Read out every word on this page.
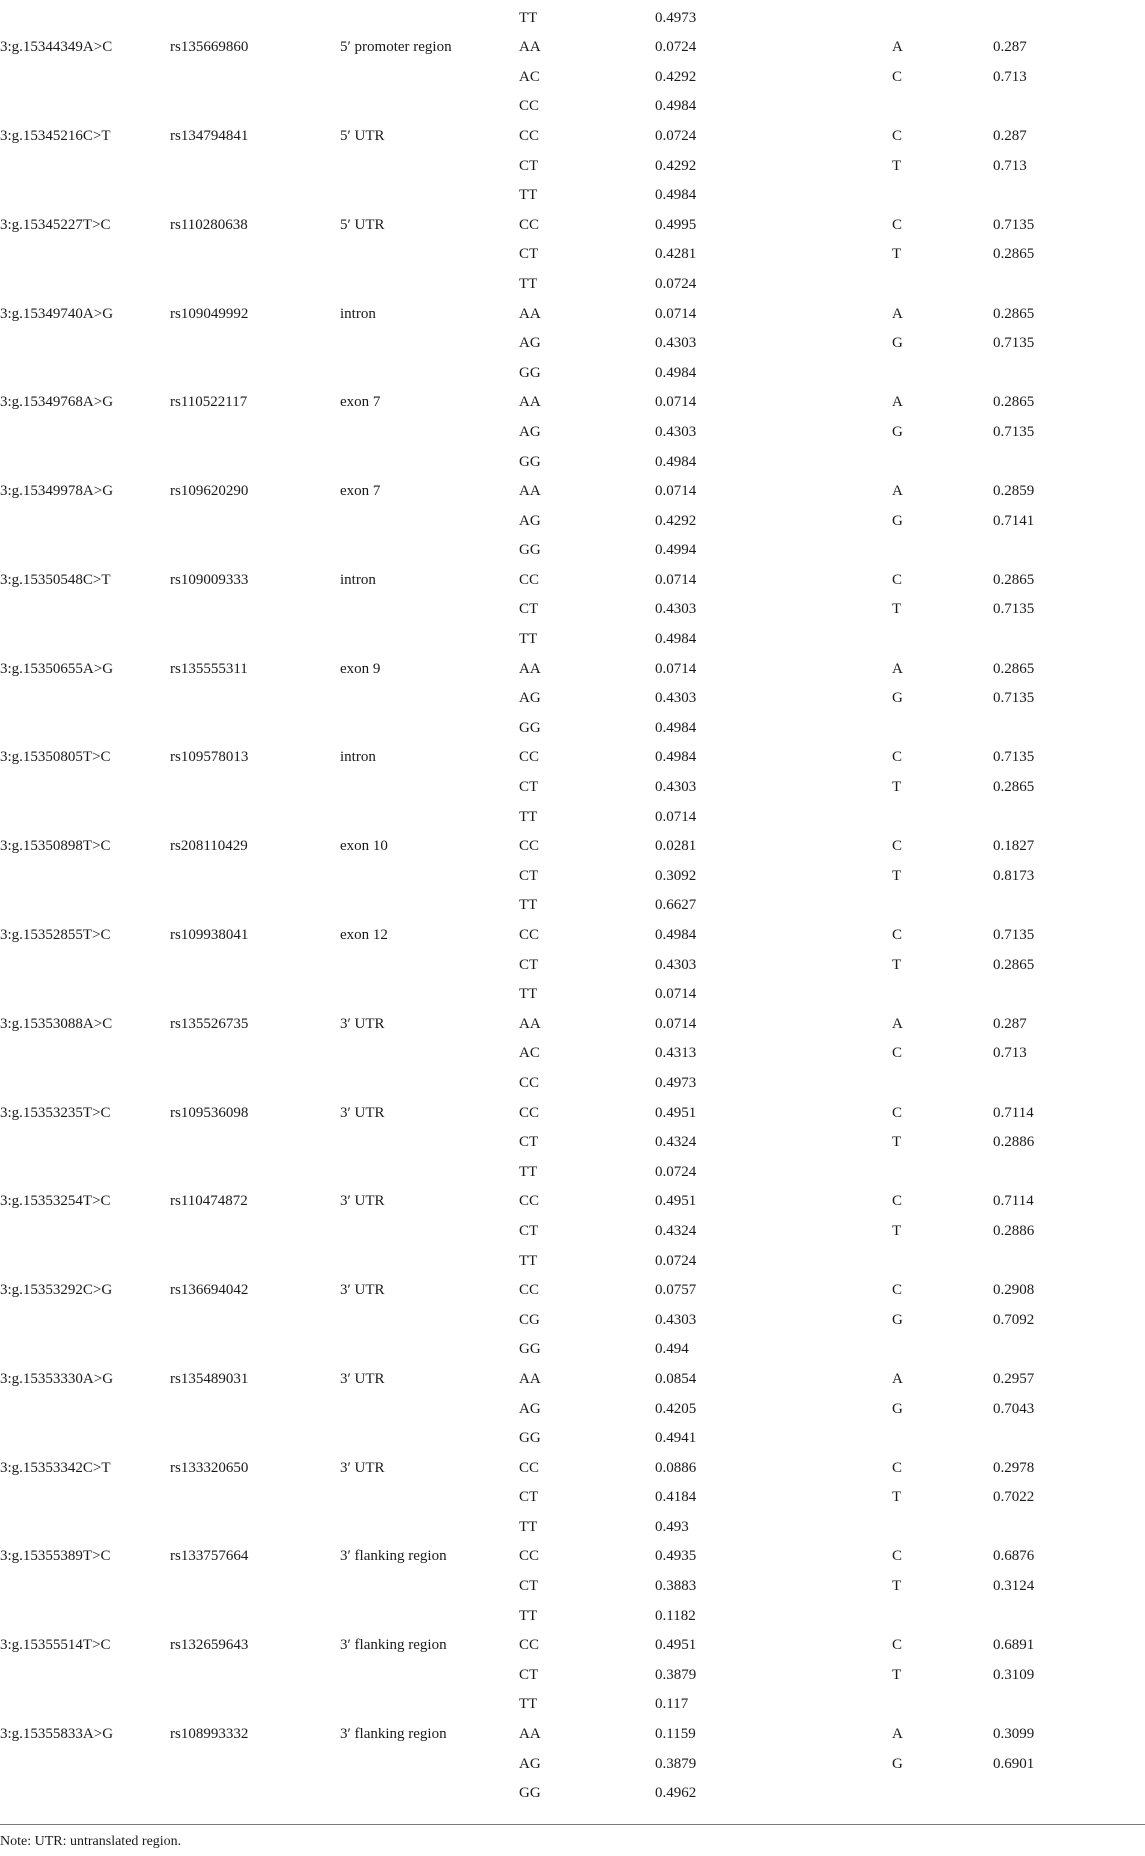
TT	0.4973
3:g.15344349A>C	rs135669860	5′ promoter region	AA	0.0724	A	0.287
AC	0.4292	C	0.713
CC	0.4984
3:g.15345216C>T	rs134794841	5′ UTR	CC	0.0724	C	0.287
CT	0.4292	T	0.713
TT	0.4984
3:g.15345227T>C	rs110280638	5′ UTR	CC	0.4995	C	0.7135
CT	0.4281	T	0.2865
TT	0.0724
3:g.15349740A>G	rs109049992	intron	AA	0.0714	A	0.2865
AG	0.4303	G	0.7135
GG	0.4984
3:g.15349768A>G	rs110522117	exon 7	AA	0.0714	A	0.2865
AG	0.4303	G	0.7135
GG	0.4984
3:g.15349978A>G	rs109620290	exon 7	AA	0.0714	A	0.2859
AG	0.4292	G	0.7141
GG	0.4994
3:g.15350548C>T	rs109009333	intron	CC	0.0714	C	0.2865
CT	0.4303	T	0.7135
TT	0.4984
3:g.15350655A>G	rs135555311	exon 9	AA	0.0714	A	0.2865
AG	0.4303	G	0.7135
GG	0.4984
3:g.15350805T>C	rs109578013	intron	CC	0.4984	C	0.7135
CT	0.4303	T	0.2865
TT	0.0714
3:g.15350898T>C	rs208110429	exon 10	CC	0.0281	C	0.1827
CT	0.3092	T	0.8173
TT	0.6627
3:g.15352855T>C	rs109938041	exon 12	CC	0.4984	C	0.7135
CT	0.4303	T	0.2865
TT	0.0714
3:g.15353088A>C	rs135526735	3′ UTR	AA	0.0714	A	0.287
AC	0.4313	C	0.713
CC	0.4973
3:g.15353235T>C	rs109536098	3′ UTR	CC	0.4951	C	0.7114
CT	0.4324	T	0.2886
TT	0.0724
3:g.15353254T>C	rs110474872	3′ UTR	CC	0.4951	C	0.7114
CT	0.4324	T	0.2886
TT	0.0724
3:g.15353292C>G	rs136694042	3′ UTR	CC	0.0757	C	0.2908
CG	0.4303	G	0.7092
GG	0.494
3:g.15353330A>G	rs135489031	3′ UTR	AA	0.0854	A	0.2957
AG	0.4205	G	0.7043
GG	0.4941
3:g.15353342C>T	rs133320650	3′ UTR	CC	0.0886	C	0.2978
CT	0.4184	T	0.7022
TT	0.493
3:g.15355389T>C	rs133757664	3′ flanking region	CC	0.4935	C	0.6876
CT	0.3883	T	0.3124
TT	0.1182
3:g.15355514T>C	rs132659643	3′ flanking region	CC	0.4951	C	0.6891
CT	0.3879	T	0.3109
TT	0.117
3:g.15355833A>G	rs108993332	3′ flanking region	AA	0.1159	A	0.3099
AG	0.3879	G	0.6901
GG	0.4962
Note: UTR: untranslated region.
